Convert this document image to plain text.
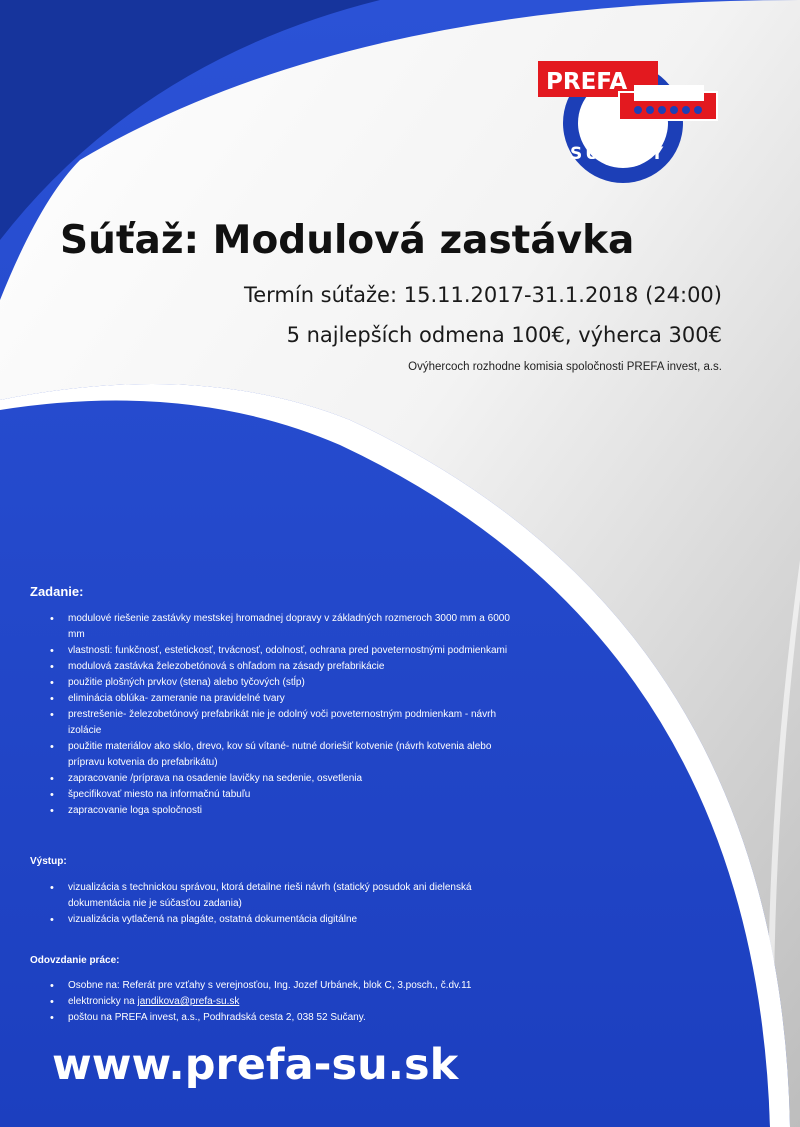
PREFA
SUČANY
Súťaž: Modulová zastávka
Termín súťaže: 15.11.2017-31.1.2018 (24:00)
5 najlepších odmena 100€, výherca 300€
Ovýhercoch rozhodne komisia spoločnosti PREFA invest, a.s.
Zadanie:
• modulové riešenie zastávky mestskej hromadnej dopravy v základných rozmeroch 3000 mm a 6000 mm
• vlastnosti: funkčnosť, estetickosť, trvácnosť, odolnosť, ochrana pred poveternostnými podmienkami
• modulová zastávka železobetónová s ohľadom na zásady prefabrikácie
• použitie plošných prvkov (stena) alebo tyčových (stĺp)
• eliminácia oblúka- zameranie na pravidelné tvary
• prestrešenie- železobetónový prefabrikát nie je odolný voči poveternostným podmienkam - návrh izolácie
• použitie materiálov ako sklo, drevo, kov sú vítané- nutné doriešiť kotvenie (návrh kotvenia alebo prípravu kotvenia do prefabrikátu)
• zapracovanie /príprava na osadenie lavičky na sedenie, osvetlenia
• špecifikovať miesto na informačnú tabuľu
• zapracovanie loga spoločnosti
Výstup:
• vizualizácia s technickou správou, ktorá detailne rieši návrh (statický posudok ani dielenská dokumentácia nie je súčasťou zadania)
• vizualizácia vytlačená na plagáte, ostatná dokumentácia digitálne
Odovzdanie práce:
• Osobne na: Referát pre vzťahy s verejnosťou, Ing. Jozef Urbánek, blok C, 3.posch., č.dv.11
• elektronicky na jandikova@prefa-su.sk
• poštou na PREFA invest, a.s., Podhradská cesta 2, 038 52 Sučany.
www.prefa-su.sk
